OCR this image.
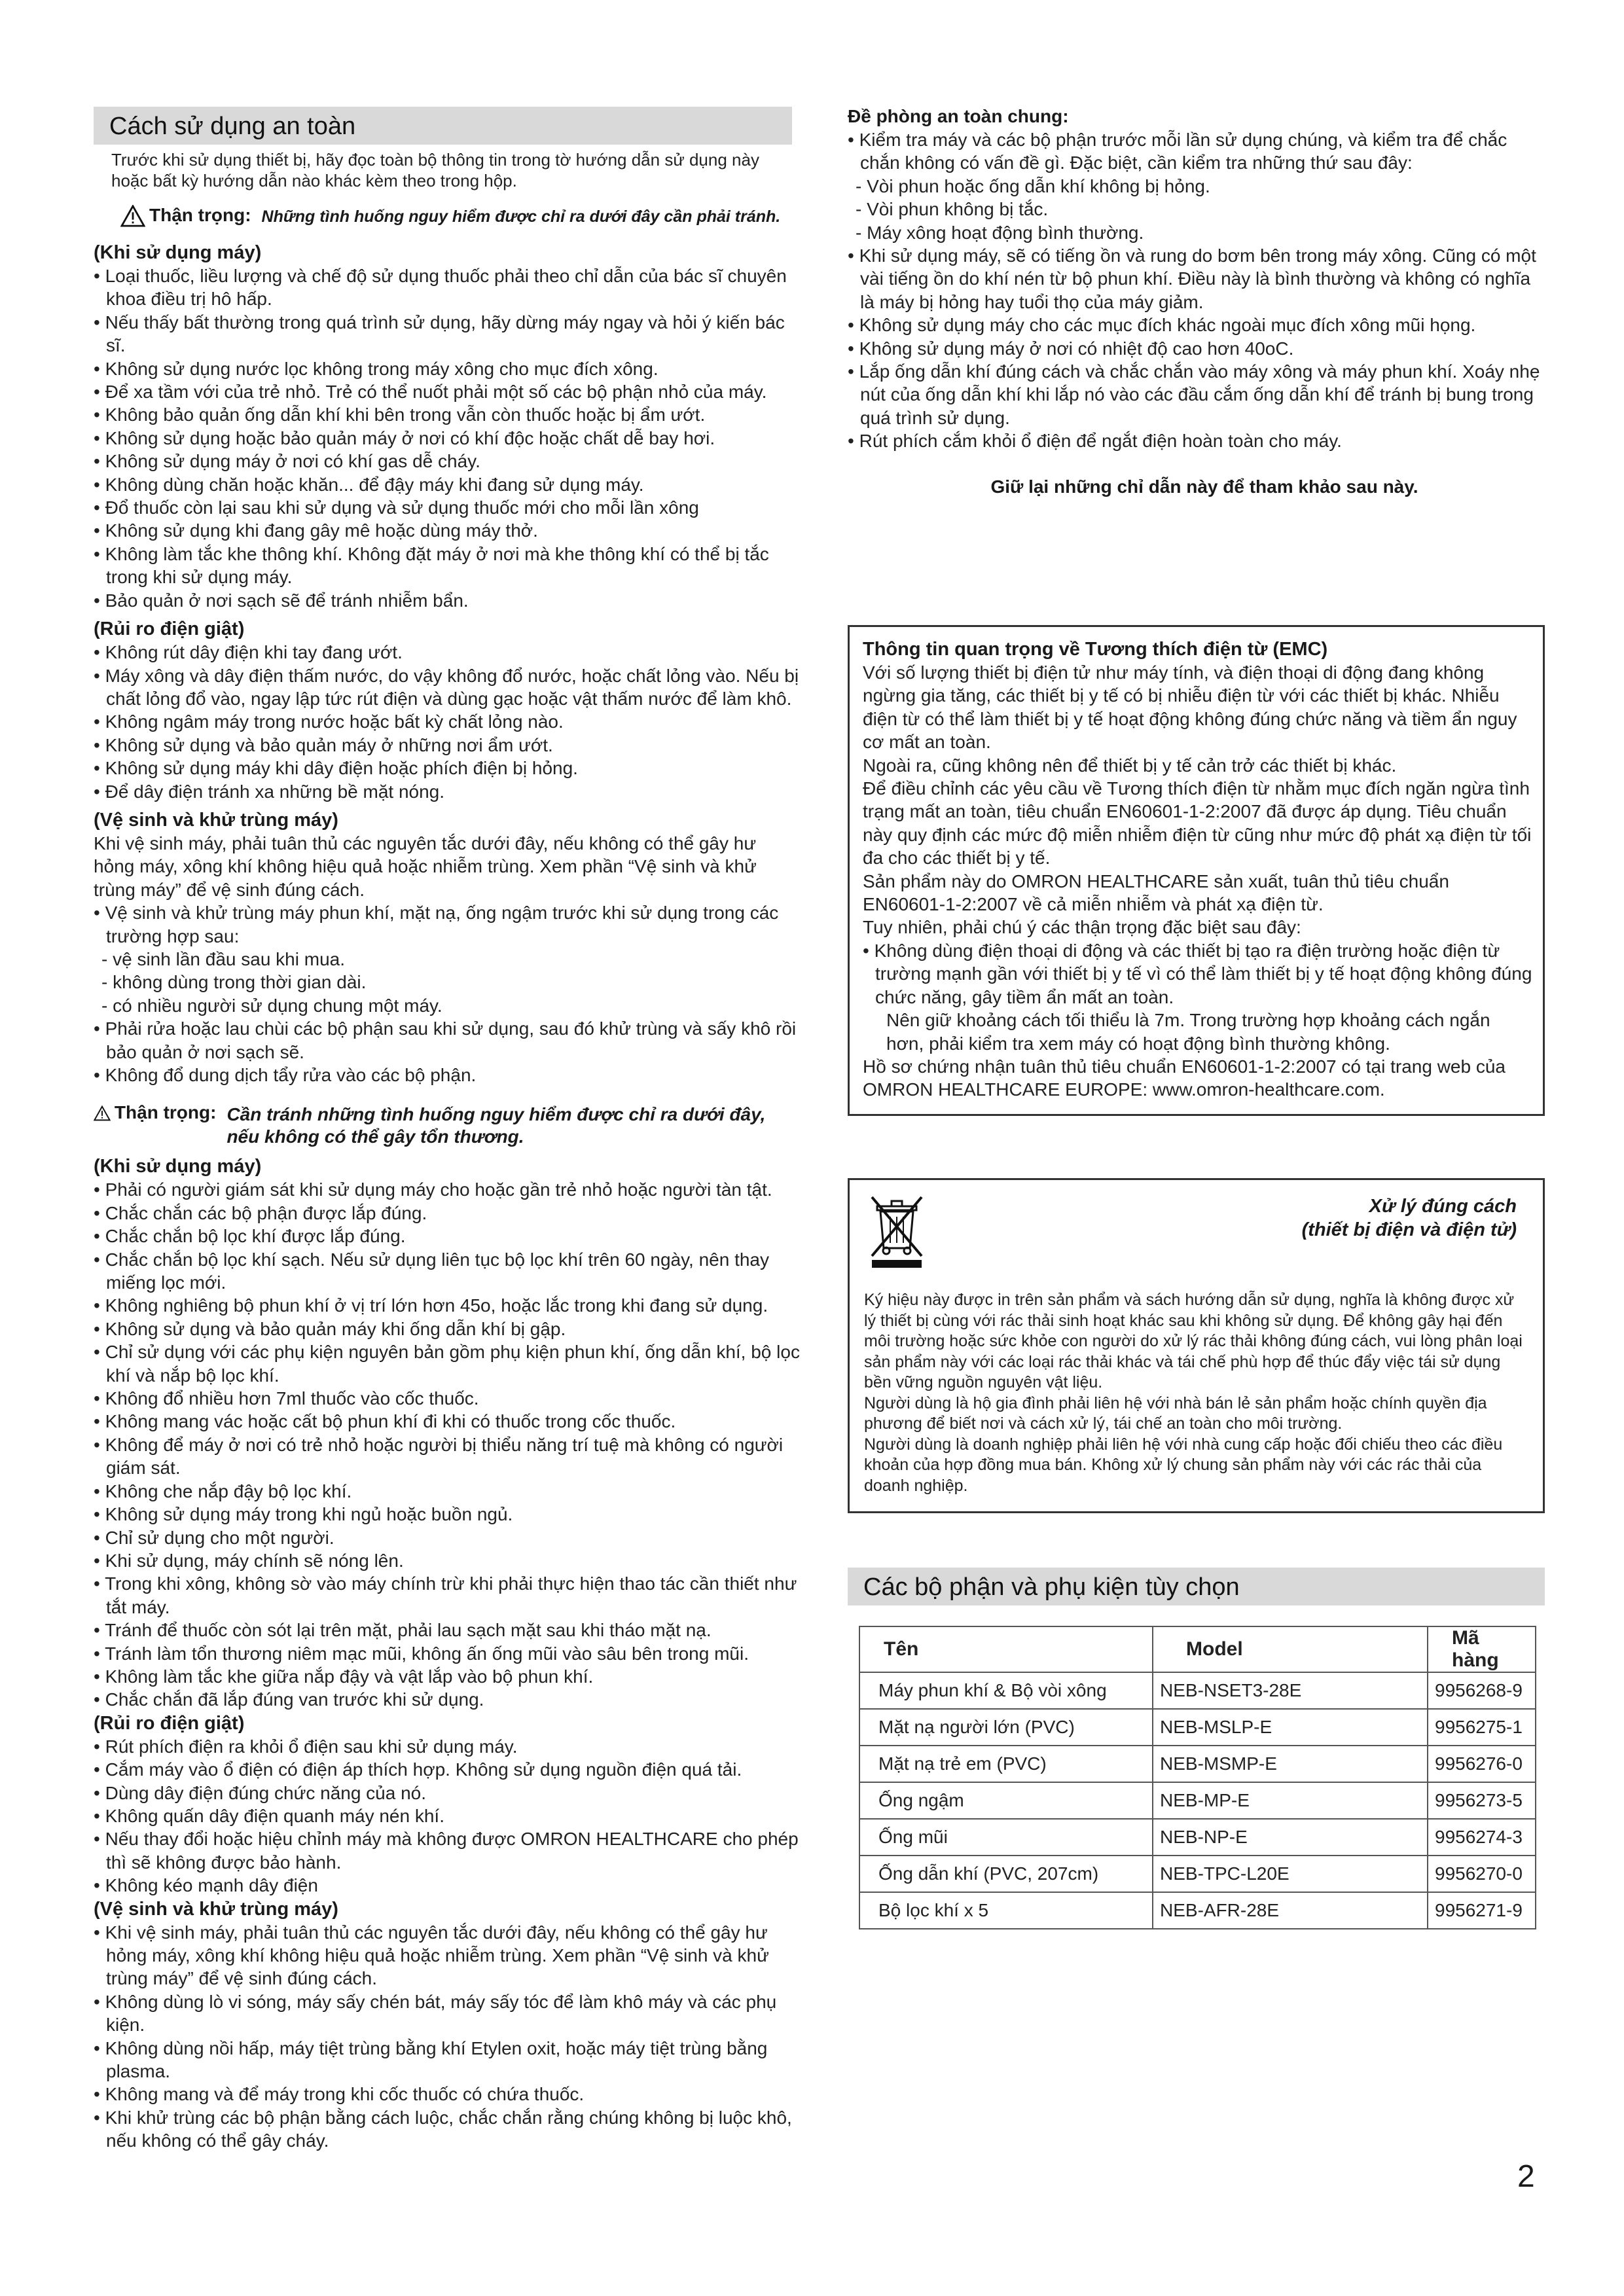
Cách sử dụng an toàn
Trước khi sử dụng thiết bị, hãy đọc toàn bộ thông tin trong tờ hướng dẫn sử dụng này hoặc bất kỳ hướng dẫn nào khác kèm theo trong hộp.
Thận trọng: Những tình huống nguy hiểm được chỉ ra dưới đây cần phải tránh.
(Khi sử dụng máy)
• Loại thuốc, liều lượng và chế độ sử dụng thuốc phải theo chỉ dẫn của bác sĩ chuyên khoa điều trị hô hấp.
• Nếu thấy bất thường trong quá trình sử dụng, hãy dừng máy ngay và hỏi ý kiến bác sĩ.
• Không sử dụng nước lọc không trong máy xông cho mục đích xông.
• Để xa tầm với của trẻ nhỏ. Trẻ có thể nuốt phải một số các bộ phận nhỏ của máy.
• Không bảo quản ống dẫn khí khi bên trong vẫn còn thuốc hoặc bị ẩm ướt.
• Không sử dụng hoặc bảo quản máy ở nơi có khí độc hoặc chất dễ bay hơi.
• Không sử dụng máy ở nơi có khí gas dễ cháy.
• Không dùng chăn hoặc khăn... để đậy máy khi đang sử dụng máy.
• Đổ thuốc còn lại sau khi sử dụng và sử dụng thuốc mới cho mỗi lần xông
• Không sử dụng khi đang gây mê hoặc dùng máy thở.
• Không làm tắc khe thông khí. Không đặt máy ở nơi mà khe thông khí có thể bị tắc trong khi sử dụng máy.
• Bảo quản ở nơi sạch sẽ để tránh nhiễm bẩn.
(Rủi ro điện giật)
• Không rút dây điện khi tay đang ướt.
• Máy xông và dây điện thấm nước, do vậy không đổ nước, hoặc chất lỏng vào. Nếu bị chất lỏng đổ vào, ngay lập tức rút điện và dùng gạc hoặc vật thấm nước để làm khô.
• Không ngâm máy trong nước hoặc bất kỳ chất lỏng nào.
• Không sử dụng và bảo quản máy ở những nơi ẩm ướt.
• Không sử dụng máy khi dây điện hoặc phích điện bị hỏng.
• Để dây điện tránh xa những bề mặt nóng.
(Vệ sinh và khử trùng máy)
Khi vệ sinh máy, phải tuân thủ các nguyên tắc dưới đây, nếu không có thể gây hư hỏng máy, xông khí không hiệu quả hoặc nhiễm trùng. Xem phần “Vệ sinh và khử trùng máy” để vệ sinh đúng cách.
• Vệ sinh và khử trùng máy phun khí, mặt nạ, ống ngậm trước khi sử dụng trong các trường hợp sau:
- vệ sinh lần đầu sau khi mua.
- không dùng trong thời gian dài.
- có nhiều người sử dụng chung một máy.
• Phải rửa hoặc lau chùi các bộ phận sau khi sử dụng, sau đó khử trùng và sấy khô rồi bảo quản ở nơi sạch sẽ.
• Không đổ dung dịch tẩy rửa vào các bộ phận.
Thận trọng: Cần tránh những tình huống nguy hiểm được chỉ ra dưới đây, nếu không có thể gây tổn thương.
(Khi sử dụng máy)
• Phải có người giám sát khi sử dụng máy cho hoặc gần trẻ nhỏ hoặc người tàn tật.
• Chắc chắn các bộ phận được lắp đúng.
• Chắc chắn bộ lọc khí được lắp đúng.
• Chắc chắn bộ lọc khí sạch. Nếu sử dụng liên tục bộ lọc khí trên 60 ngày, nên thay miếng lọc mới.
• Không nghiêng bộ phun khí ở vị trí lớn hơn 45o, hoặc lắc trong khi đang sử dụng.
• Không sử dụng và bảo quản máy khi ống dẫn khí bị gập.
• Chỉ sử dụng với các phụ kiện nguyên bản gồm phụ kiện phun khí, ống dẫn khí, bộ lọc khí và nắp bộ lọc khí.
• Không đổ nhiều hơn 7ml thuốc vào cốc thuốc.
• Không mang vác hoặc cất bộ phun khí đi khi có thuốc trong cốc thuốc.
• Không để máy ở nơi có trẻ nhỏ hoặc người bị thiểu năng trí tuệ mà không có người giám sát.
• Không che nắp đậy bộ lọc khí.
• Không sử dụng máy trong khi ngủ hoặc buồn ngủ.
• Chỉ sử dụng cho một người.
• Khi sử dụng, máy chính sẽ nóng lên.
• Trong khi xông, không sờ vào máy chính trừ khi phải thực hiện thao tác cần thiết như tắt máy.
• Tránh để thuốc còn sót lại trên mặt, phải lau sạch mặt sau khi tháo mặt nạ.
• Tránh làm tổn thương niêm mạc mũi, không ấn ống mũi vào sâu bên trong mũi.
• Không làm tắc khe giữa nắp đậy và vật lắp vào bộ phun khí.
• Chắc chắn đã lắp đúng van trước khi sử dụng.
(Rủi ro điện giật)
• Rút phích điện ra khỏi ổ điện sau khi sử dụng máy.
• Cắm máy vào ổ điện có điện áp thích hợp. Không sử dụng nguồn điện quá tải.
• Dùng dây điện đúng chức năng của nó.
• Không quấn dây điện quanh máy nén khí.
• Nếu thay đổi hoặc hiệu chỉnh máy mà không được OMRON HEALTHCARE cho phép thì sẽ không được bảo hành.
• Không kéo mạnh dây điện
(Vệ sinh và khử trùng máy)
• Khi vệ sinh máy, phải tuân thủ các nguyên tắc dưới đây, nếu không có thể gây hư hỏng máy, xông khí không hiệu quả hoặc nhiễm trùng. Xem phần “Vệ sinh và khử trùng máy” để vệ sinh đúng cách.
• Không dùng lò vi sóng, máy sấy chén bát, máy sấy tóc để làm khô máy và các phụ kiện.
• Không dùng nồi hấp, máy tiệt trùng bằng khí Etylen oxit, hoặc máy tiệt trùng bằng plasma.
• Không mang và để máy trong khi cốc thuốc có chứa thuốc.
• Khi khử trùng các bộ phận bằng cách luộc, chắc chắn rằng chúng không bị luộc khô, nếu không có thể gây cháy.
Đề phòng an toàn chung:
• Kiểm tra máy và các bộ phận trước mỗi lần sử dụng chúng, và kiểm tra để chắc chắn không có vấn đề gì. Đặc biệt, cần kiểm tra những thứ sau đây:
- Vòi phun hoặc ống dẫn khí không bị hỏng.
- Vòi phun không bị tắc.
- Máy xông hoạt động bình thường.
• Khi sử dụng máy, sẽ có tiếng ồn và rung do bơm bên trong máy xông. Cũng có một vài tiếng ồn do khí nén từ bộ phun khí. Điều này là bình thường và không có nghĩa là máy bị hỏng hay tuổi thọ của máy giảm.
• Không sử dụng máy cho các mục đích khác ngoài mục đích xông mũi họng.
• Không sử dụng máy ở nơi có nhiệt độ cao hơn 40oC.
• Lắp ống dẫn khí đúng cách và chắc chắn vào máy xông và máy phun khí. Xoáy nhẹ nút của ống dẫn khí khi lắp nó vào các đầu cắm ống dẫn khí để tránh bị bung trong quá trình sử dụng.
• Rút phích cắm khỏi ổ điện để ngắt điện hoàn toàn cho máy.
Giữ lại những chỉ dẫn này để tham khảo sau này.
Thông tin quan trọng về Tương thích điện từ (EMC)
Với số lượng thiết bị điện tử như máy tính, và điện thoại di động đang không ngừng gia tăng, các thiết bị y tế có bị nhiễu điện từ với các thiết bị khác. Nhiễu điện từ có thể làm thiết bị y tế hoạt động không đúng chức năng và tiềm ẩn nguy cơ mất an toàn.
Ngoài ra, cũng không nên để thiết bị y tế cản trở các thiết bị khác.
Để điều chỉnh các yêu cầu về Tương thích điện từ nhằm mục đích ngăn ngừa tình trạng mất an toàn, tiêu chuẩn EN60601-1-2:2007 đã được áp dụng. Tiêu chuẩn này quy định các mức độ miễn nhiễm điện từ cũng như mức độ phát xạ điện từ tối đa cho các thiết bị y tế.
Sản phẩm này do OMRON HEALTHCARE sản xuất, tuân thủ tiêu chuẩn EN60601-1-2:2007 về cả miễn nhiễm và phát xạ điện từ.
Tuy nhiên, phải chú ý các thận trọng đặc biệt sau đây:
• Không dùng điện thoại di động và các thiết bị tạo ra điện trường hoặc điện từ trường mạnh gần với thiết bị y tế vì có thể làm thiết bị y tế hoạt động không đúng chức năng, gây tiềm ẩn mất an toàn.
Nên giữ khoảng cách tối thiểu là 7m. Trong trường hợp khoảng cách ngắn hơn, phải kiểm tra xem máy có hoạt động bình thường không.
Hồ sơ chứng nhận tuân thủ tiêu chuẩn EN60601-1-2:2007 có tại trang web của OMRON HEALTHCARE EUROPE: www.omron-healthcare.com.
Xử lý đúng cách
(thiết bị điện và điện tử)
Ký hiệu này được in trên sản phẩm và sách hướng dẫn sử dụng, nghĩa là không được xử lý thiết bị cùng với rác thải sinh hoạt khác sau khi không sử dụng. Để không gây hại đến môi trường hoặc sức khỏe con người do xử lý rác thải không đúng cách, vui lòng phân loại sản phẩm này với các loại rác thải khác và tái chế phù hợp để thúc đẩy việc tái sử dụng bền vững nguồn nguyên vật liệu.
Người dùng là hộ gia đình phải liên hệ với nhà bán lẻ sản phẩm hoặc chính quyền địa phương để biết nơi và cách xử lý, tái chế an toàn cho môi trường.
Người dùng là doanh nghiệp phải liên hệ với nhà cung cấp hoặc đối chiếu theo các điều khoản của hợp đồng mua bán. Không xử lý chung sản phẩm này với các rác thải của doanh nghiệp.
Các bộ phận và phụ kiện tùy chọn
Tên	Model	Mã hàng
Máy phun khí & Bộ vòi xông	NEB-NSET3-28E	9956268-9
Mặt nạ người lớn (PVC)	NEB-MSLP-E	9956275-1
Mặt nạ trẻ em (PVC)	NEB-MSMP-E	9956276-0
Ống ngậm	NEB-MP-E	9956273-5
Ống mũi	NEB-NP-E	9956274-3
Ống dẫn khí (PVC, 207cm)	NEB-TPC-L20E	9956270-0
Bộ lọc khí x 5	NEB-AFR-28E	9956271-9
2
